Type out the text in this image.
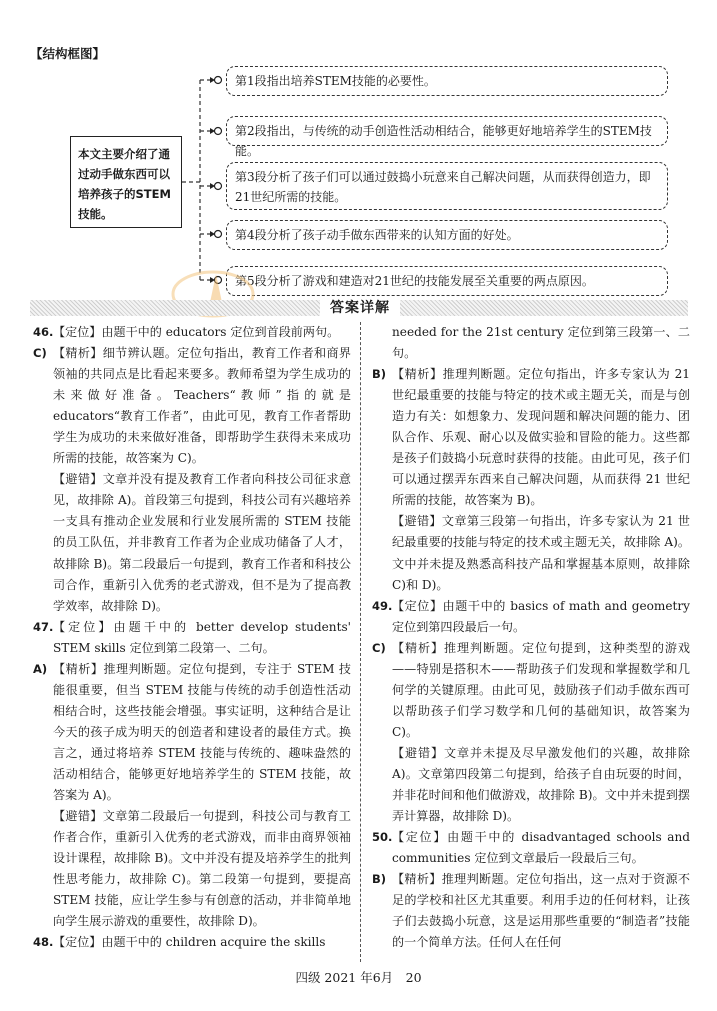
【结构框图】
本文主要介绍了通过动手做东西可以培养孩子的STEM技能。
第1段指出培养STEM技能的必要性。
第2段指出，与传统的动手创造性活动相结合，能够更好地培养学生的STEM技能。
第3段分析了孩子们可以通过鼓捣小玩意来自己解决问题，从而获得创造力，即21世纪所需的技能。
第4段分析了孩子动手做东西带来的认知方面的好处。
第5段分析了游戏和建造对21世纪的技能发展至关重要的两点原因。
答案详解

46. 【定位】由题干中的 educators 定位到首段前两句。

C) 【精析】细节辨认题。定位句指出，教育工作者和商界领袖的共同点是比看起来要多。教师希望为学生成功的未来做好准备。Teachers“教师”指的就是 educators“教育工作者”，由此可见，教育工作者帮助学生为成功的未来做好准备，即帮助学生获得未来成功所需的技能，故答案为 C)。

【避错】文章并没有提及教育工作者向科技公司征求意见，故排除 A)。首段第三句提到，科技公司有兴趣培养一支具有推动企业发展和行业发展所需的 STEM 技能的员工队伍，并非教育工作者为企业成功储备了人才，故排除 B)。第二段最后一句提到，教育工作者和科技公司合作，重新引入优秀的老式游戏，但不是为了提高教学效率，故排除 D)。

47. 【定位】由题干中的 better develop students' STEM skills 定位到第二段第一、二句。

A) 【精析】推理判断题。定位句提到，专注于 STEM 技能很重要，但当 STEM 技能与传统的动手创造性活动相结合时，这些技能会增强。事实证明，这种结合是让今天的孩子成为明天的创造者和建设者的最佳方式。换言之，通过将培养 STEM 技能与传统的、趣味盎然的活动相结合，能够更好地培养学生的 STEM 技能，故答案为 A)。

【避错】文章第二段最后一句提到，科技公司与教育工作者合作，重新引入优秀的老式游戏，而非由商界领袖设计课程，故排除 B)。文中并没有提及培养学生的批判性思考能力，故排除 C)。第二段第一句提到，要提高 STEM 技能，应让学生参与有创意的活动，并非简单地向学生展示游戏的重要性，故排除 D)。

48. 【定位】由题干中的 children acquire the skills

needed for the 21st century 定位到第三段第一、二句。

B) 【精析】推理判断题。定位句指出，许多专家认为 21 世纪最重要的技能与特定的技术或主题无关，而是与创造力有关：如想象力、发现问题和解决问题的能力、团队合作、乐观、耐心以及做实验和冒险的能力。这些都是孩子们鼓捣小玩意时获得的技能。由此可见，孩子们可以通过摆弄东西来自己解决问题，从而获得 21 世纪所需的技能，故答案为 B)。

【避错】文章第三段第一句指出，许多专家认为 21 世纪最重要的技能与特定的技术或主题无关，故排除 A)。文中并未提及熟悉高科技产品和掌握基本原则，故排除 C)和 D)。

49. 【定位】由题干中的 basics of math and geometry 定位到第四段最后一句。

C) 【精析】推理判断题。定位句提到，这种类型的游戏——特别是搭积木——帮助孩子们发现和掌握数学和几何学的关键原理。由此可见，鼓励孩子们动手做东西可以帮助孩子们学习数学和几何的基础知识，故答案为 C)。

【避错】文章并未提及尽早激发他们的兴趣，故排除 A)。文章第四段第二句提到，给孩子自由玩耍的时间，并非花时间和他们做游戏，故排除 B)。文中并未提到摆弄计算器，故排除 D)。

50. 【定位】由题干中的 disadvantaged schools and communities 定位到文章最后一段最后三句。

B) 【精析】推理判断题。定位句指出，这一点对于资源不足的学校和社区尤其重要。利用手边的任何材料，让孩子们去鼓捣小玩意，这是运用那些重要的“制造者”技能的一个简单方法。任何人在任何

四级 2021 年6月　20
